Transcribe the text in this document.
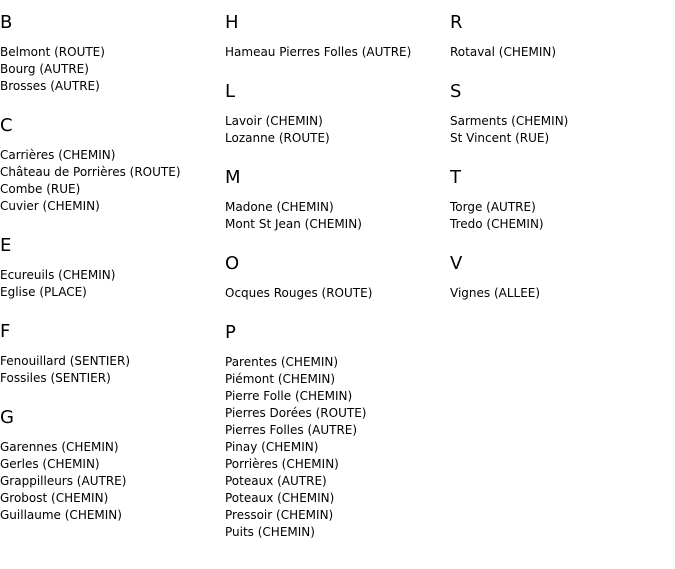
B
Belmont (ROUTE)
Bourg (AUTRE)
Brosses (AUTRE)
C
Carrières (CHEMIN)
Château de Porrières (ROUTE)
Combe (RUE)
Cuvier (CHEMIN)
E
Ecureuils (CHEMIN)
Eglise (PLACE)
F
Fenouillard (SENTIER)
Fossiles (SENTIER)
G
Garennes (CHEMIN)
Gerles (CHEMIN)
Grappilleurs (AUTRE)
Grobost (CHEMIN)
Guillaume (CHEMIN)
H
Hameau Pierres Folles (AUTRE)
L
Lavoir (CHEMIN)
Lozanne (ROUTE)
M
Madone (CHEMIN)
Mont St Jean (CHEMIN)
O
Ocques Rouges (ROUTE)
P
Parentes (CHEMIN)
Piémont (CHEMIN)
Pierre Folle (CHEMIN)
Pierres Dorées (ROUTE)
Pierres Folles (AUTRE)
Pinay (CHEMIN)
Porrières (CHEMIN)
Poteaux (AUTRE)
Poteaux (CHEMIN)
Pressoir (CHEMIN)
Puits (CHEMIN)
R
Rotaval (CHEMIN)
S
Sarments (CHEMIN)
St Vincent (RUE)
T
Torge (AUTRE)
Tredo (CHEMIN)
V
Vignes (ALLEE)
